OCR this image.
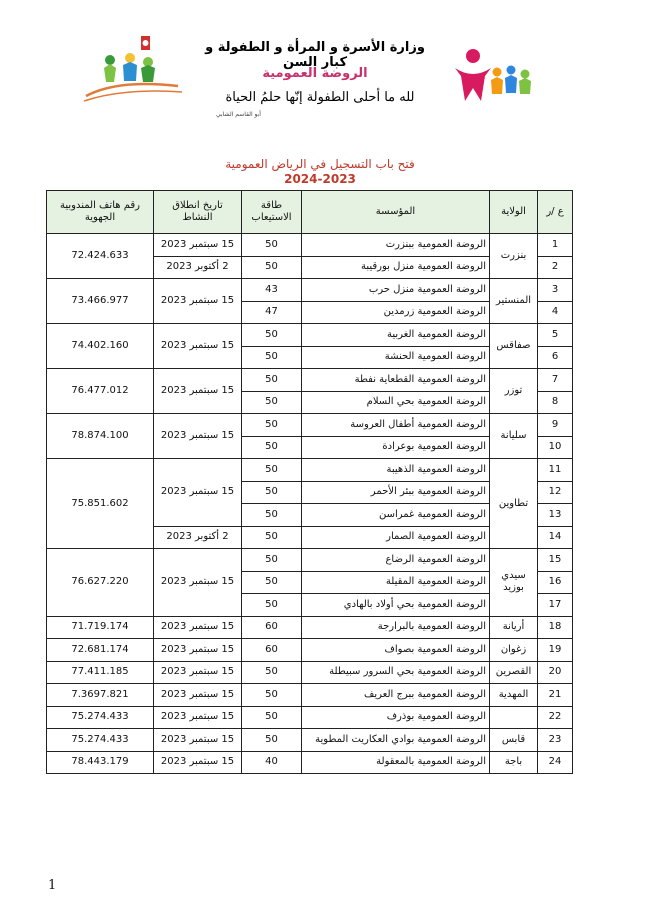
وزارة الأسرة و المرأة و الطفولة و كبار السن
الروضة العمومية
لله ما أحلى الطفولة إنّها حلمُ الحياة
أبو القاسم الشابي
فتح باب التسجيل في الرياض العمومية
2024-2023
رقم هاتف المندوبية الجهوية	تاريخ انطلاق النشاط	طاقة الاستيعاب	المؤسسة	الولاية	ع /ر
72.424.633	15 سبتمبر 2023	50	الروضة العمومية ببنزرت	بنزرت	1
	2 أكتوبر 2023	50	الروضة العمومية منزل بورقيبة		2
73.466.977	15 سبتمبر 2023	43	الروضة العمومية منزل حرب	المنستير	3
		47	الروضة العمومية زرمدين		4
74.402.160	15 سبتمبر 2023	50	الروضة العمومية الغربية	صفاقس	5
		50	الروضة العمومية الحنشة		6
76.477.012	15 سبتمبر 2023	50	الروضة العمومية القطعاية نفطة	توزر	7
		50	الروضة العمومية بحي السلام		8
78.874.100	15 سبتمبر 2023	50	الروضة العمومية أطفال العروسة	سليانة	9
		50	الروضة العمومية بوعرادة		10
75.851.602	15 سبتمبر 2023	50	الروضة العمومية الذهيبة	تطاوين	11
		50	الروضة العمومية ببئر الأحمر		12
		50	الروضة العمومية غمراسن		13
	2 أكتوبر 2023	50	الروضة العمومية الصمار		14
76.627.220	15 سبتمبر 2023	50	الروضة العمومية الرضاع	سيدي بوزيد	15
		50	الروضة العمومية المقيلة		16
		50	الروضة العمومية بحي أولاد بالهادي		17
71.719.174	15 سبتمبر 2023	60	الروضة العمومية بالبرارجة	أريانة	18
72.681.174	15 سبتمبر 2023	60	الروضة العمومية بصواف	زغوان	19
77.411.185	15 سبتمبر 2023	50	الروضة العمومية بحي السرور سبيطلة	القصرين	20
7.3697.821	15 سبتمبر 2023	50	الروضة العمومية ببرج العريف	المهدية	21
75.274.433	15 سبتمبر 2023	50	الروضة العمومية بوذرف		22
75.274.433	15 سبتمبر 2023	50	الروضة العمومية بوادي العكاريت المطوية	قابس	23
78.443.179	15 سبتمبر 2023	40	الروضة العمومية بالمعقولة	باجة	24
1
